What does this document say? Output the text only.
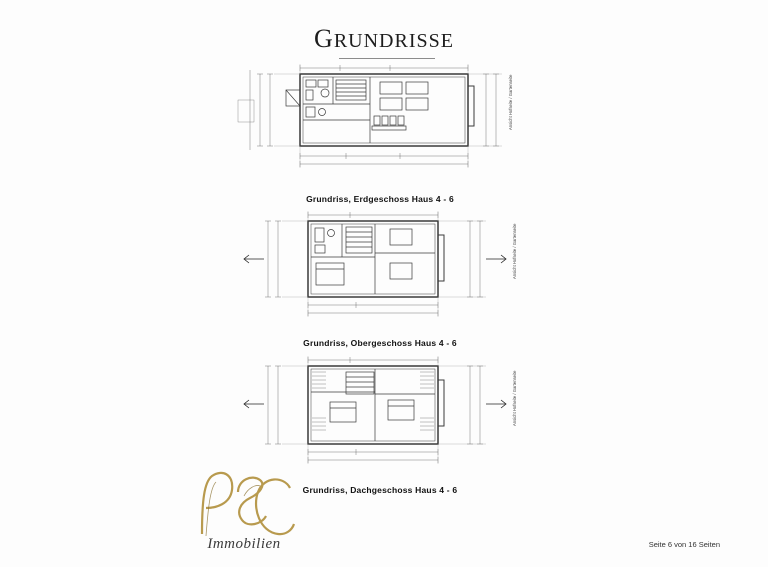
GRUNDRISSE
Ansicht Hofseite / Gartenseite
Grundriss, Erdgeschoss Haus 4 - 6
Ansicht Hofseite / Gartenseite
Grundriss, Obergeschoss Haus 4 - 6
Ansicht Hofseite / Gartenseite
Grundriss, Dachgeschoss Haus 4 - 6
Immobilien	Seite 6 von 16 Seiten
